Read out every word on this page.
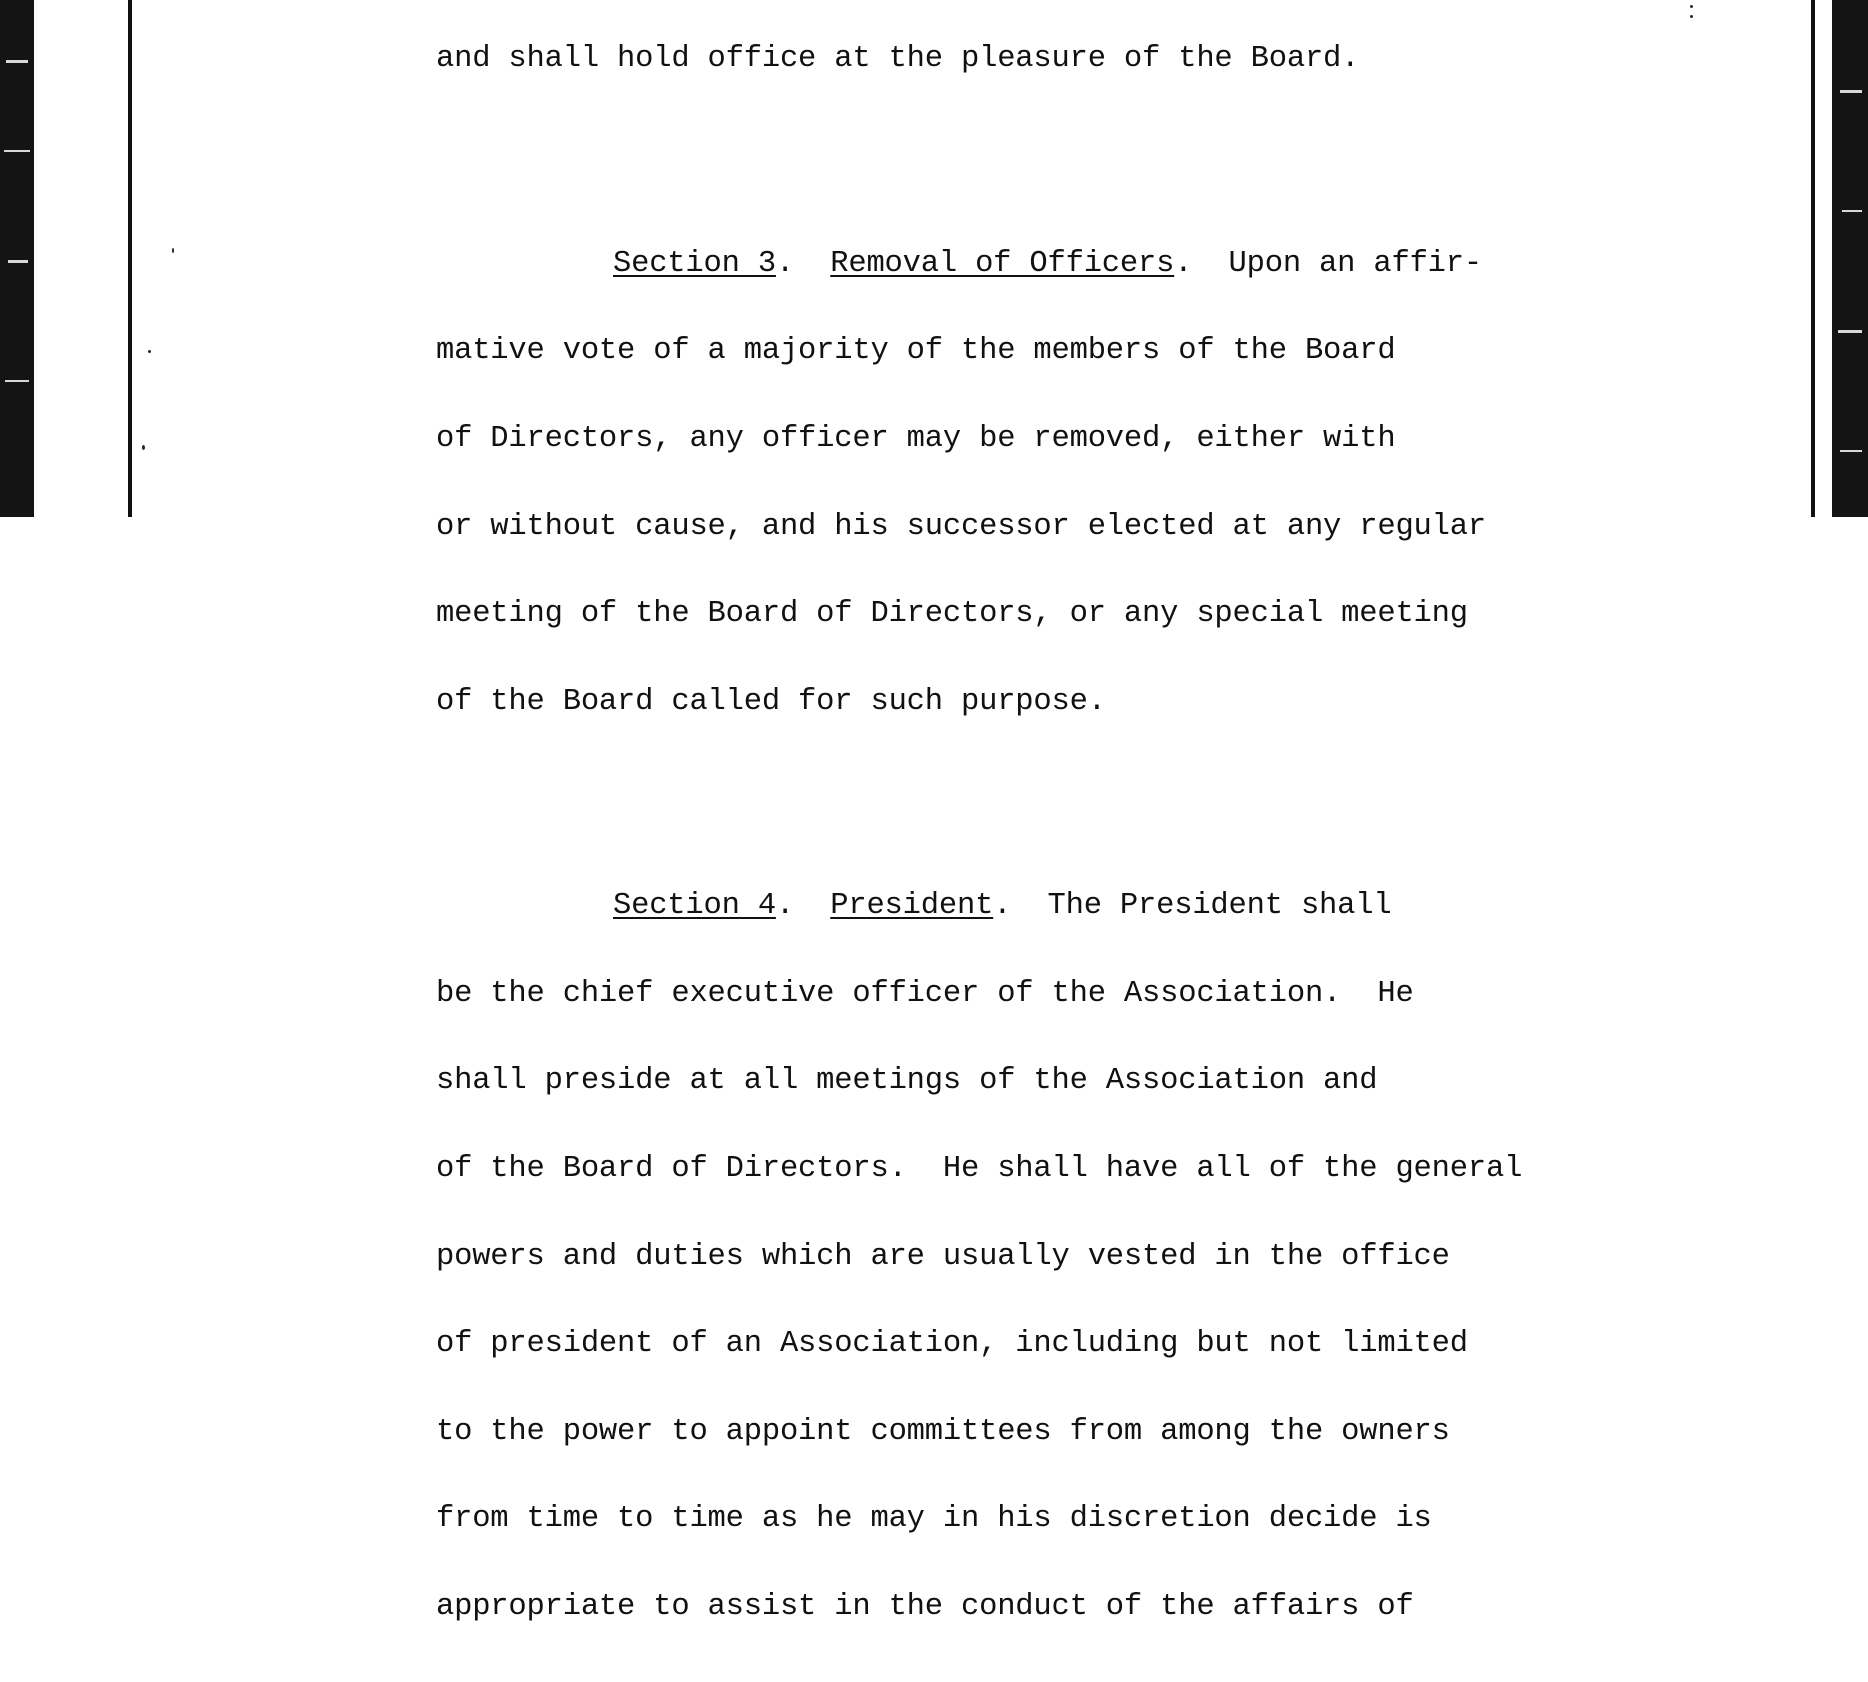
and shall hold office at the pleasure of the Board.

Section 3.  Removal of Officers.  Upon an affir-

mative vote of a majority of the members of the Board

of Directors, any officer may be removed, either with

or without cause, and his successor elected at any regular

meeting of the Board of Directors, or any special meeting

of the Board called for such purpose.

Section 4.  President.  The President shall

be the chief executive officer of the Association.  He

shall preside at all meetings of the Association and

of the Board of Directors.  He shall have all of the general

powers and duties which are usually vested in the office

of president of an Association, including but not limited

to the power to appoint committees from among the owners

from time to time as he may in his discretion decide is

appropriate to assist in the conduct of the affairs of
